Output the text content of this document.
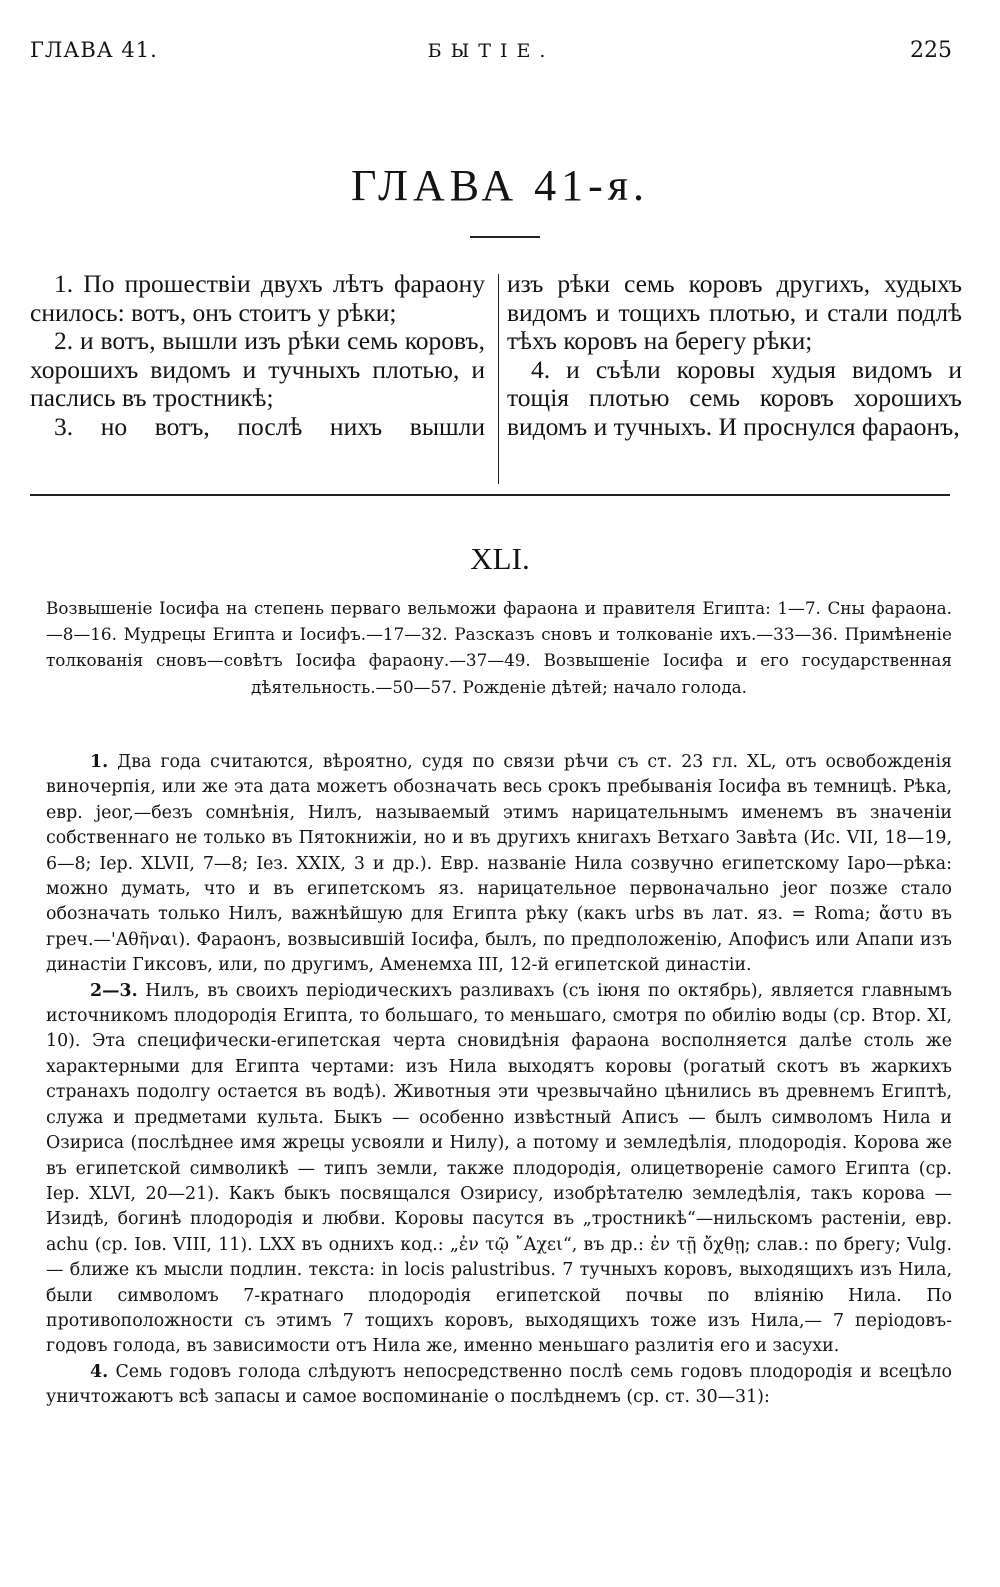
ГЛАВА 41.	БЫТІЕ.	225
ГЛАВА 41-я.
1. По прошествіи двухъ лѣтъ фараону снилось: вотъ, онъ стоитъ у рѣки;
2. и вотъ, вышли изъ рѣки семь коровъ, хорошихъ видомъ и тучныхъ плотью, и паслись въ тростникѣ;
3. но вотъ, послѣ нихъ вышли
изъ рѣки семь коровъ другихъ, худыхъ видомъ и тощихъ плотью, и стали подлѣ тѣхъ коровъ на берегу рѣки;
4. и съѣли коровы худыя видомъ и тощія плотью семь коровъ хорошихъ видомъ и тучныхъ. И проснулся фараонъ,
XLI.
Возвышеніе Іосифа на степень перваго вельможи фараона и правителя Египта: 1—7. Сны фараона.—8—16. Мудрецы Египта и Іосифъ.—17—32. Разсказъ сновъ и толкованіе ихъ.—33—36. Примѣненіе толкованія сновъ—совѣтъ Іосифа фараону.—37—49. Возвышеніе Іосифа и его государственная дѣятельность.—50—57. Рожденіе дѣтей; начало голода.

1. Два года считаются, вѣроятно, судя по связи рѣчи съ ст. 23 гл. XL, отъ освобожденія виночерпія, или же эта дата можетъ обозначать весь срокъ пребыванія Іосифа въ темницѣ. Рѣка, евр. jeor,—безъ сомнѣнія, Нилъ, называемый этимъ нарицательнымъ именемъ въ значеніи собственнаго не только въ Пятокнижіи, но и въ другихъ книгахъ Ветхаго Завѣта (Ис. VII, 18—19, 6—8; Іер. XLVII, 7—8; Іез. XXIX, 3 и др.). Евр. названіе Нила созвучно египетскому Іаро—рѣка: можно думать, что и въ египетскомъ яз. нарицательное первоначально jeor позже стало обозначать только Нилъ, важнѣйшую для Египта рѣку (какъ urbs въ лат. яз. = Roma; ἄστυ въ греч.—'Αθῆναι). Фараонъ, возвысившій Іосифа, былъ, по предположенію, Апофисъ или Апапи изъ династіи Гиксовъ, или, по другимъ, Аменемха III, 12-й египетской династіи.

2—3. Нилъ, въ своихъ періодическихъ разливахъ (съ іюня по октябрь), является главнымъ источникомъ плодородія Египта, то большаго, то меньшаго, смотря по обилію воды (ср. Втор. XI, 10). Эта специфически-египетская черта сновидѣнія фараона восполняется далѣе столь же характерными для Египта чертами: изъ Нила выходятъ коровы (рогатый скотъ въ жаркихъ странахъ подолгу остается въ водѣ). Животныя эти чрезвычайно цѣнились въ древнемъ Египтѣ, служа и предметами культа. Быкъ — особенно извѣстный Аписъ — былъ символомъ Нила и Озириса (послѣднее имя жрецы усвояли и Нилу), а потому и земледѣлія, плодородія. Корова же въ египетской символикѣ — типъ земли, также плодородія, олицетвореніе самого Египта (ср. Іер. XLVI, 20—21). Какъ быкъ посвящался Озирису, изобрѣтателю земледѣлія, такъ корова — Изидѣ, богинѣ плодородія и любви. Коровы пасутся въ „тростникѣ“—нильскомъ растеніи, евр. achu (ср. Іов. VIII, 11). LXX въ однихъ код.: „ἐν τῷ ῎Αχει“, въ др.: ἐν τῇ ὄχθῃ; слав.: по брегу; Vulg. — ближе къ мысли подлин. текста: in locis palustribus. 7 тучныхъ коровъ, выходящихъ изъ Нила, были символомъ 7-кратнаго плодородія египетской почвы по вліянію Нила. По противоположности съ этимъ 7 тощихъ коровъ, выходящихъ тоже изъ Нила,— 7 періодовъ-годовъ голода, въ зависимости отъ Нила же, именно меньшаго разлитія его и засухи.

4. Семь годовъ голода слѣдуютъ непосредственно послѣ семь годовъ плодородія и всецѣло уничтожаютъ всѣ запасы и самое воспоминаніе о послѣднемъ (ср. ст. 30—31):
